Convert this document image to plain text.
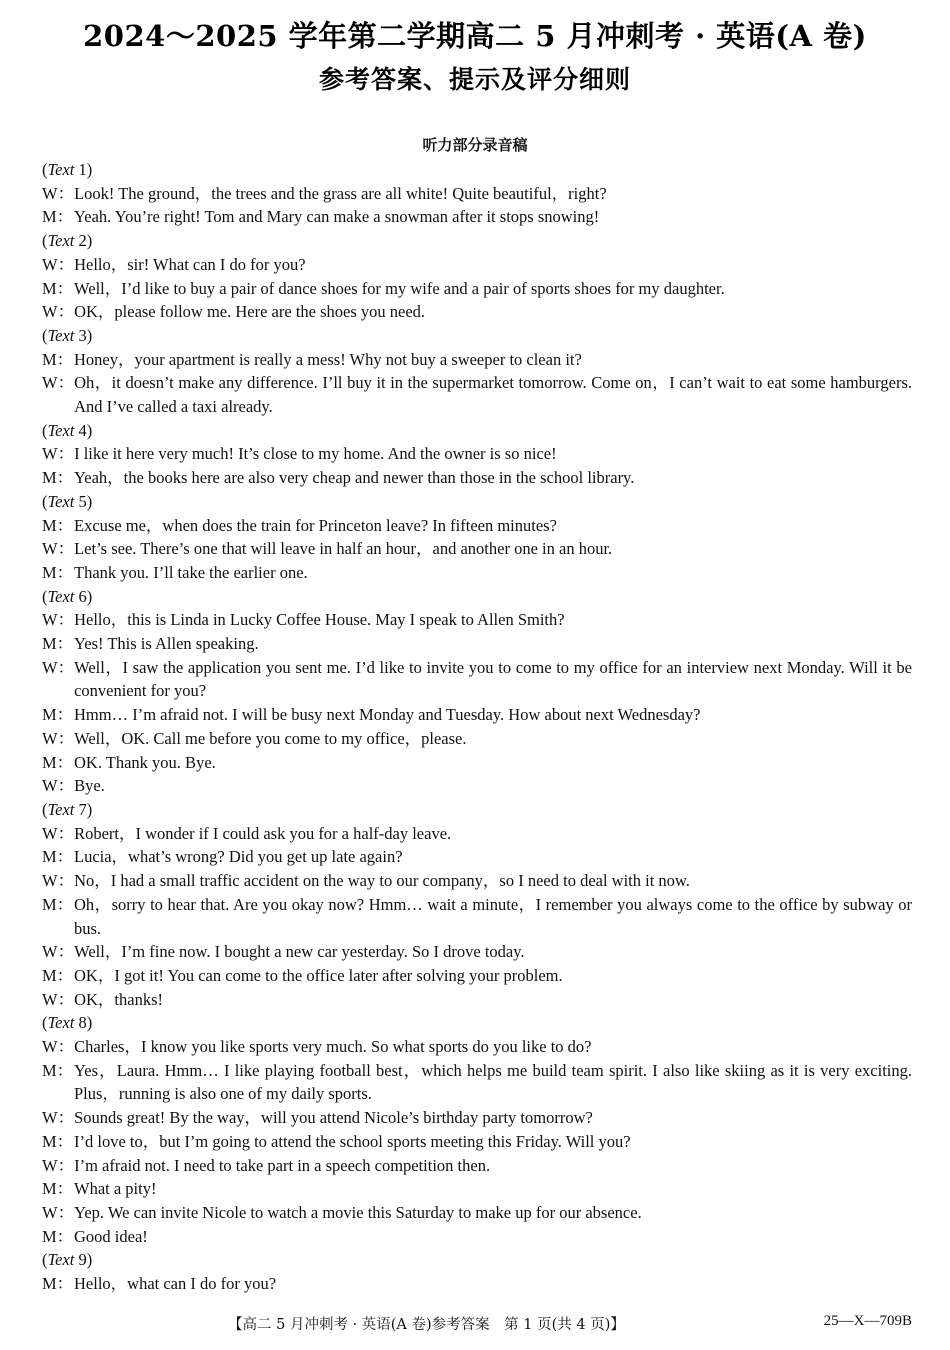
2024～2025 学年第二学期高二 5 月冲刺考 · 英语(A 卷)
参考答案、提示及评分细则
听力部分录音稿
(Text 1)
W： Look! The ground，the trees and the grass are all white! Quite beautiful，right?
M： Yeah. You’re right! Tom and Mary can make a snowman after it stops snowing!
(Text 2)
W： Hello，sir! What can I do for you?
M： Well，I’d like to buy a pair of dance shoes for my wife and a pair of sports shoes for my daughter.
W： OK，please follow me. Here are the shoes you need.
(Text 3)
M： Honey，your apartment is really a mess! Why not buy a sweeper to clean it?
W： Oh，it doesn’t make any difference. I’ll buy it in the supermarket tomorrow. Come on，I can’t wait to eat some hamburgers. And I’ve called a taxi already.
(Text 4)
W： I like it here very much! It’s close to my home. And the owner is so nice!
M： Yeah，the books here are also very cheap and newer than those in the school library.
(Text 5)
M： Excuse me，when does the train for Princeton leave? In fifteen minutes?
W： Let’s see. There’s one that will leave in half an hour，and another one in an hour.
M： Thank you. I’ll take the earlier one.
(Text 6)
W： Hello，this is Linda in Lucky Coffee House. May I speak to Allen Smith?
M： Yes! This is Allen speaking.
W： Well，I saw the application you sent me. I’d like to invite you to come to my office for an interview next Monday. Will it be convenient for you?
M： Hmm… I’m afraid not. I will be busy next Monday and Tuesday. How about next Wednesday?
W： Well，OK. Call me before you come to my office，please.
M： OK. Thank you. Bye.
W： Bye.
(Text 7)
W： Robert，I wonder if I could ask you for a half-day leave.
M： Lucia，what’s wrong? Did you get up late again?
W： No，I had a small traffic accident on the way to our company，so I need to deal with it now.
M： Oh，sorry to hear that. Are you okay now? Hmm… wait a minute，I remember you always come to the office by subway or bus.
W： Well，I’m fine now. I bought a new car yesterday. So I drove today.
M： OK，I got it! You can come to the office later after solving your problem.
W： OK，thanks!
(Text 8)
W： Charles，I know you like sports very much. So what sports do you like to do?
M： Yes，Laura. Hmm… I like playing football best，which helps me build team spirit. I also like skiing as it is very exciting. Plus，running is also one of my daily sports.
W： Sounds great! By the way，will you attend Nicole’s birthday party tomorrow?
M： I’d love to，but I’m going to attend the school sports meeting this Friday. Will you?
W： I’m afraid not. I need to take part in a speech competition then.
M： What a pity!
W： Yep. We can invite Nicole to watch a movie this Saturday to make up for our absence.
M： Good idea!
(Text 9)
M： Hello，what can I do for you?
【高二 5 月冲刺考 · 英语(A 卷)参考答案　第 1 页(共 4 页)】	25—X—709B
